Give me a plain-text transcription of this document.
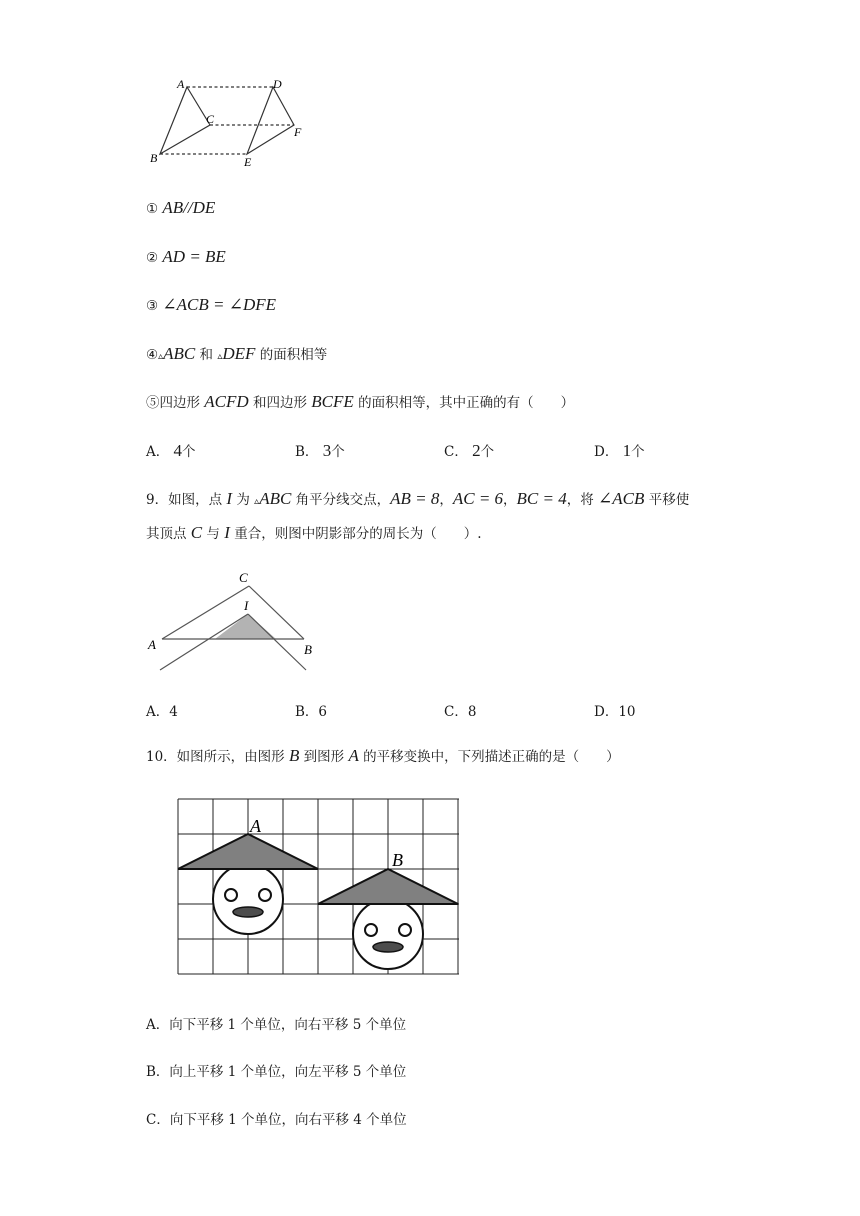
A	D
C
F
B	E
① AB//DE
② AD = BE
③ ∠ACB = ∠DFE
④▵ABC 和 ▵DEF 的面积相等
⑤四边形 ACFD 和四边形 BCFE 的面积相等，其中正确的有（　　）
A． 4个	B． 3个	C． 2个	D． 1个
9．如图，点 I 为 ▵ABC 角平分线交点，AB = 8，AC = 6，BC = 4，将 ∠ACB 平移使
其顶点 C 与 I 重合，则图中阴影部分的周长为（　　）.
C
I
A	B
A．4	B．6	C．8	D．10
10．如图所示，由图形 B 到图形 A 的平移变换中，下列描述正确的是（　　）
A
B
A．向下平移 1 个单位，向右平移 5 个单位
B．向上平移 1 个单位，向左平移 5 个单位
C．向下平移 1 个单位，向右平移 4 个单位
